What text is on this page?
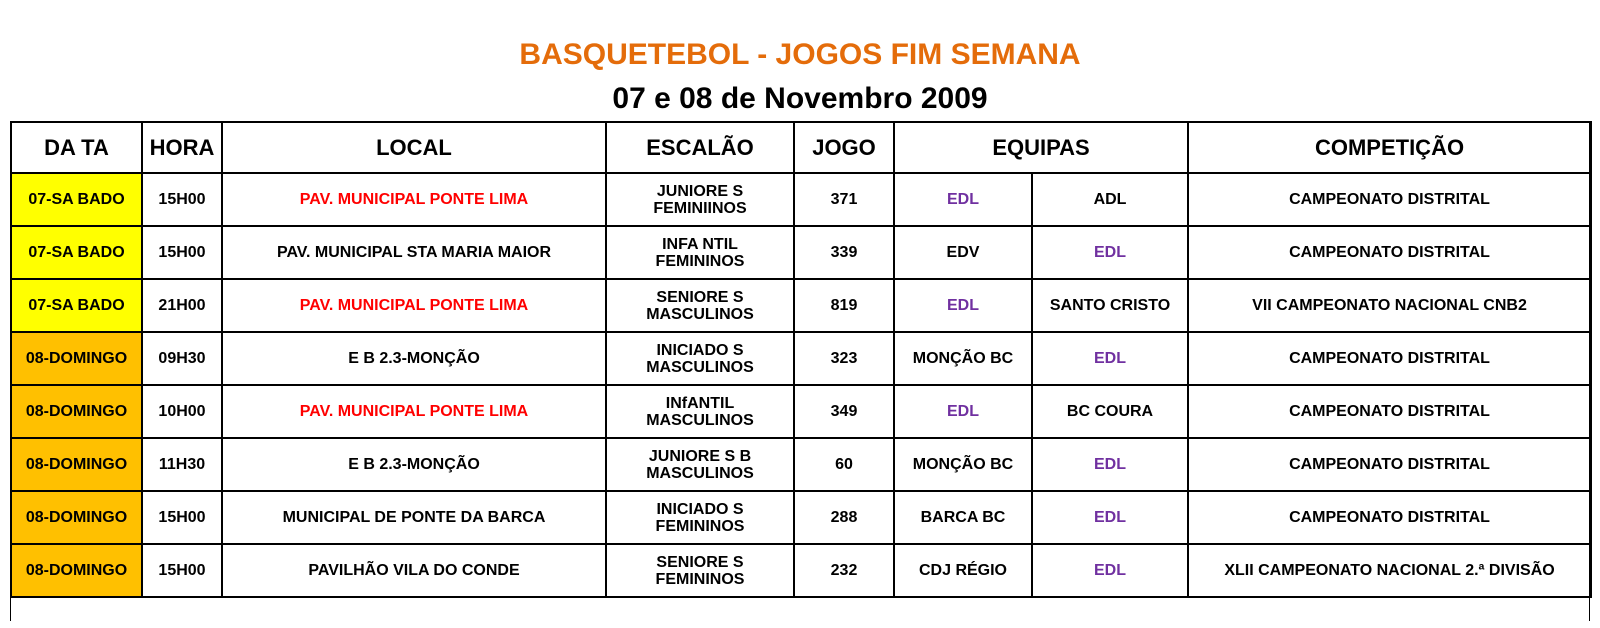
BASQUETEBOL - JOGOS FIM SEMANA
07 e 08 de Novembro 2009
DA TA	HORA	LOCAL	ESCALÃO	JOGO	EQUIPAS		COMPETIÇÃO
07-SA BADO	15H00	PAV. MUNICIPAL PONTE LIMA	JUNIORE S
FEMINIINOS	371	EDL	ADL	CAMPEONATO DISTRITAL
07-SA BADO	15H00	PAV. MUNICIPAL STA MARIA MAIOR	INFA NTIL
FEMININOS	339	EDV	EDL	CAMPEONATO DISTRITAL
07-SA BADO	21H00	PAV. MUNICIPAL PONTE LIMA	SENIORE S
MASCULINOS	819	EDL	SANTO CRISTO	VII CAMPEONATO NACIONAL CNB2
08-DOMINGO	09H30	E B 2.3-MONÇÃO	INICIADO S
MASCULINOS	323	MONÇÃO BC	EDL	CAMPEONATO DISTRITAL
08-DOMINGO	10H00	PAV. MUNICIPAL PONTE LIMA	INfANTIL
MASCULINOS	349	EDL	BC COURA	CAMPEONATO DISTRITAL
08-DOMINGO	11H30	E B 2.3-MONÇÃO	JUNIORE S B
MASCULINOS	60	MONÇÃO BC	EDL	CAMPEONATO DISTRITAL
08-DOMINGO	15H00	MUNICIPAL DE PONTE DA BARCA	INICIADO S
FEMININOS	288	BARCA BC	EDL	CAMPEONATO DISTRITAL
08-DOMINGO	15H00	PAVILHÃO VILA DO CONDE	SENIORE S
FEMININOS	232	CDJ RÉGIO	EDL	XLII CAMPEONATO NACIONAL 2.ª DIVISÃO
